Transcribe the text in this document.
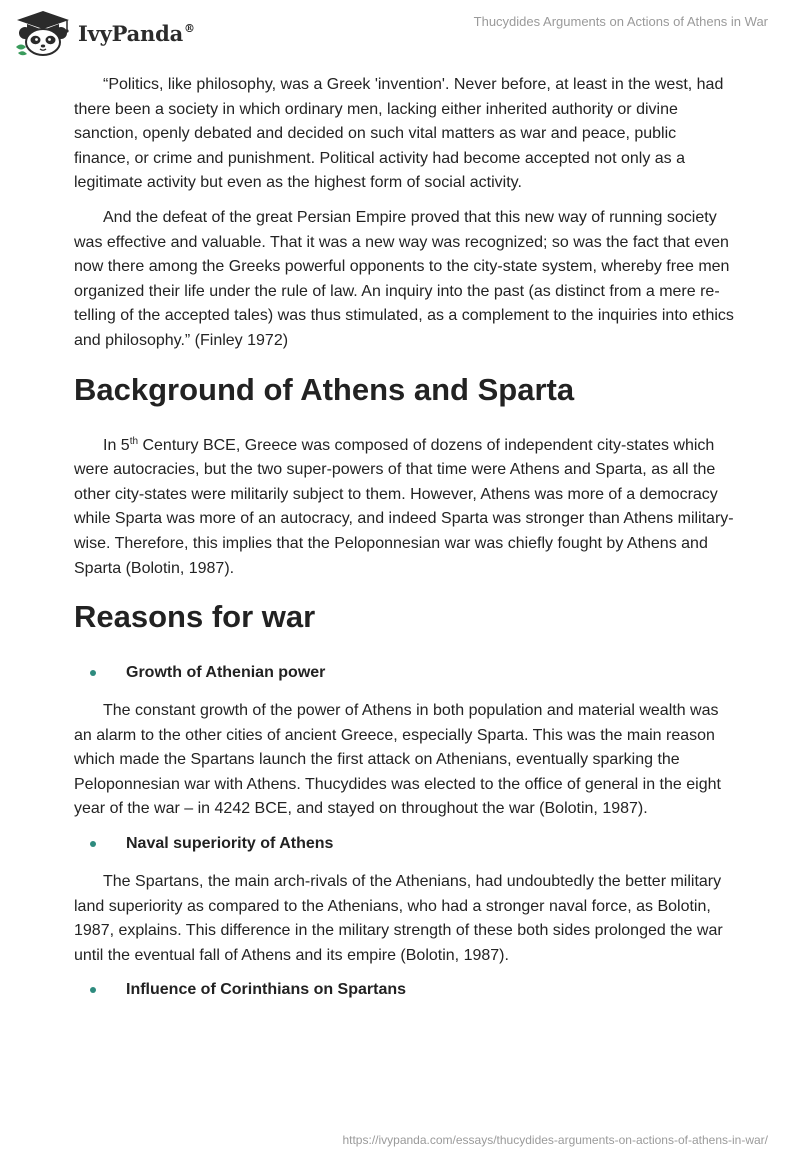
IvyPanda®	Thucydides Arguments on Actions of Athens in War

“Politics, like philosophy, was a Greek 'invention'. Never before, at least in the west, had there been a society in which ordinary men, lacking either inherited authority or divine sanction, openly debated and decided on such vital matters as war and peace, public finance, or crime and punishment. Political activity had become accepted not only as a legitimate activity but even as the highest form of social activity.

And the defeat of the great Persian Empire proved that this new way of running society was effective and valuable. That it was a new way was recognized; so was the fact that even now there among the Greeks powerful opponents to the city-state system, whereby free men organized their life under the rule of law. An inquiry into the past (as distinct from a mere re-telling of the accepted tales) was thus stimulated, as a complement to the inquiries into ethics and philosophy.” (Finley 1972)

Background of Athens and Sparta

In 5th Century BCE, Greece was composed of dozens of independent city-states which were autocracies, but the two super-powers of that time were Athens and Sparta, as all the other city-states were militarily subject to them. However, Athens was more of a democracy while Sparta was more of an autocracy, and indeed Sparta was stronger than Athens military-wise. Therefore, this implies that the Peloponnesian war was chiefly fought by Athens and Sparta (Bolotin, 1987).

Reasons for war
Growth of Athenian power

The constant growth of the power of Athens in both population and material wealth was an alarm to the other cities of ancient Greece, especially Sparta. This was the main reason which made the Spartans launch the first attack on Athenians, eventually sparking the Peloponnesian war with Athens. Thucydides was elected to the office of general in the eight year of the war – in 4242 BCE, and stayed on throughout the war (Bolotin, 1987).

Naval superiority of Athens

The Spartans, the main arch-rivals of the Athenians, had undoubtedly the better military land superiority as compared to the Athenians, who had a stronger naval force, as Bolotin, 1987, explains. This difference in the military strength of these both sides prolonged the war until the eventual fall of Athens and its empire (Bolotin, 1987).

Influence of Corinthians on Spartans
https://ivypanda.com/essays/thucydides-arguments-on-actions-of-athens-in-war/
